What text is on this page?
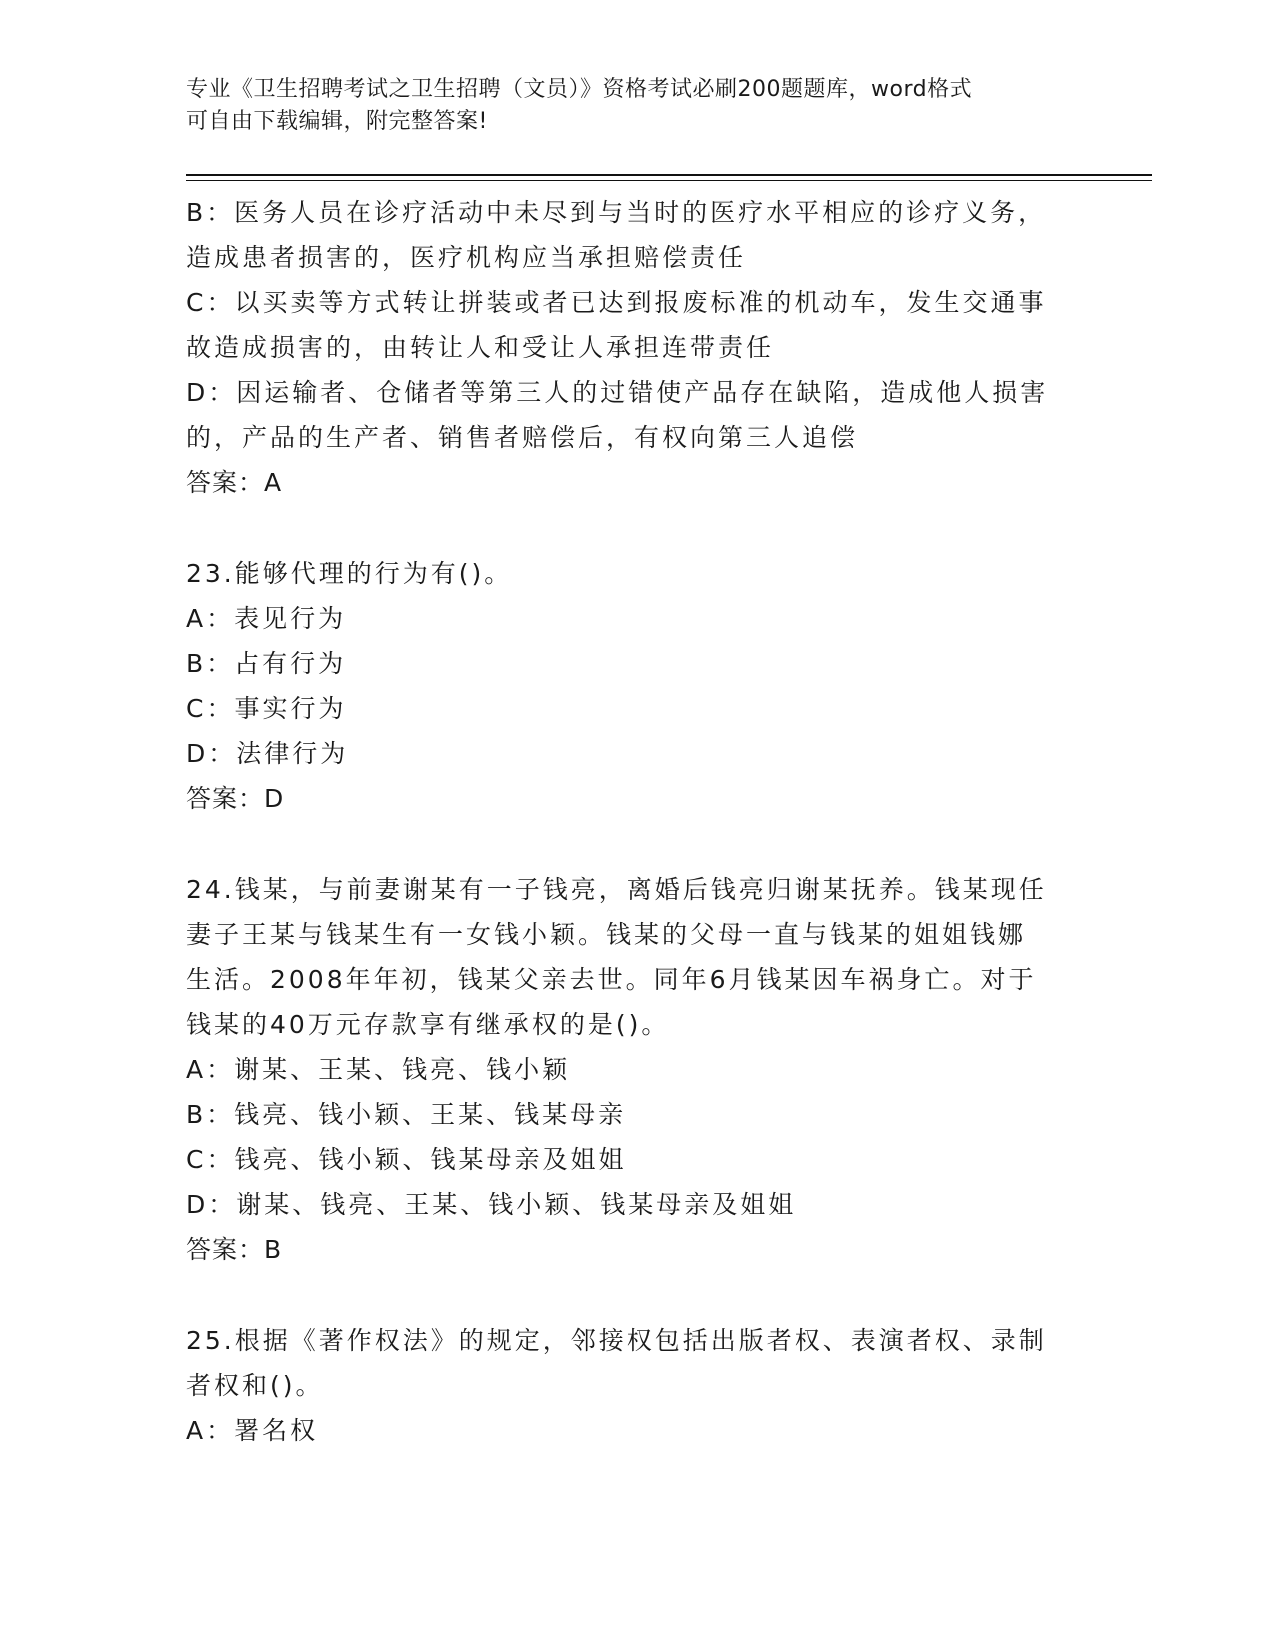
专业《卫生招聘考试之卫生招聘（文员）》资格考试必刷200题题库，word格式
可自由下载编辑，附完整答案!

B：医务人员在诊疗活动中未尽到与当时的医疗水平相应的诊疗义务，

造成患者损害的，医疗机构应当承担赔偿责任

C：以买卖等方式转让拼装或者已达到报废标准的机动车，发生交通事

故造成损害的，由转让人和受让人承担连带责任

D：因运输者、仓储者等第三人的过错使产品存在缺陷，造成他人损害

的，产品的生产者、销售者赔偿后，有权向第三人追偿

答案：A

23.能够代理的行为有()。

A：表见行为

B：占有行为

C：事实行为

D：法律行为

答案：D

24.钱某，与前妻谢某有一子钱亮，离婚后钱亮归谢某抚养。钱某现任

妻子王某与钱某生有一女钱小颖。钱某的父母一直与钱某的姐姐钱娜

生活。2008年年初，钱某父亲去世。同年6月钱某因车祸身亡。对于

钱某的40万元存款享有继承权的是()。

A：谢某、王某、钱亮、钱小颖

B：钱亮、钱小颖、王某、钱某母亲

C：钱亮、钱小颖、钱某母亲及姐姐

D：谢某、钱亮、王某、钱小颖、钱某母亲及姐姐

答案：B

25.根据《著作权法》的规定，邻接权包括出版者权、表演者权、录制

者权和()。

A：署名权
